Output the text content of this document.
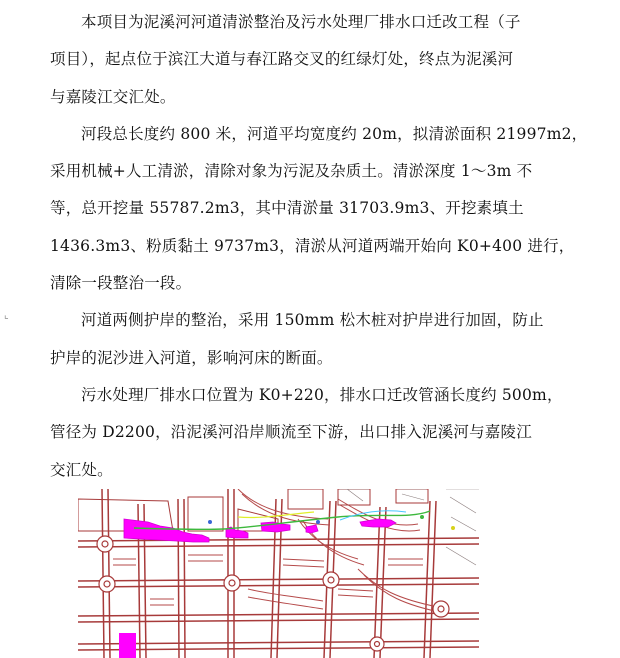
⌞

本项目为泥溪河河道清淤整治及污水处理厂排水口迁改工程（子
项目），起点位于滨江大道与春江路交叉的红绿灯处，终点为泥溪河
与嘉陵江交汇处。

河段总长度约 800 米，河道平均宽度约 20m，拟清淤面积 21997m2，
采用机械+人工清淤，清除对象为污泥及杂质土。清淤深度 1～3m 不
等，总开挖量 55787.2m3，其中清淤量 31703.9m3、开挖素填土
1436.3m3、粉质黏土 9737m3，清淤从河道两端开始向 K0+400 进行，
清除一段整治一段。

河道两侧护岸的整治，采用 150mm 松木桩对护岸进行加固，防止
护岸的泥沙进入河道，影响河床的断面。

污水处理厂排水口位置为 K0+220，排水口迁改管涵长度约 500m，
管径为 D2200，沿泥溪河沿岸顺流至下游，出口排入泥溪河与嘉陵江
交汇处。
